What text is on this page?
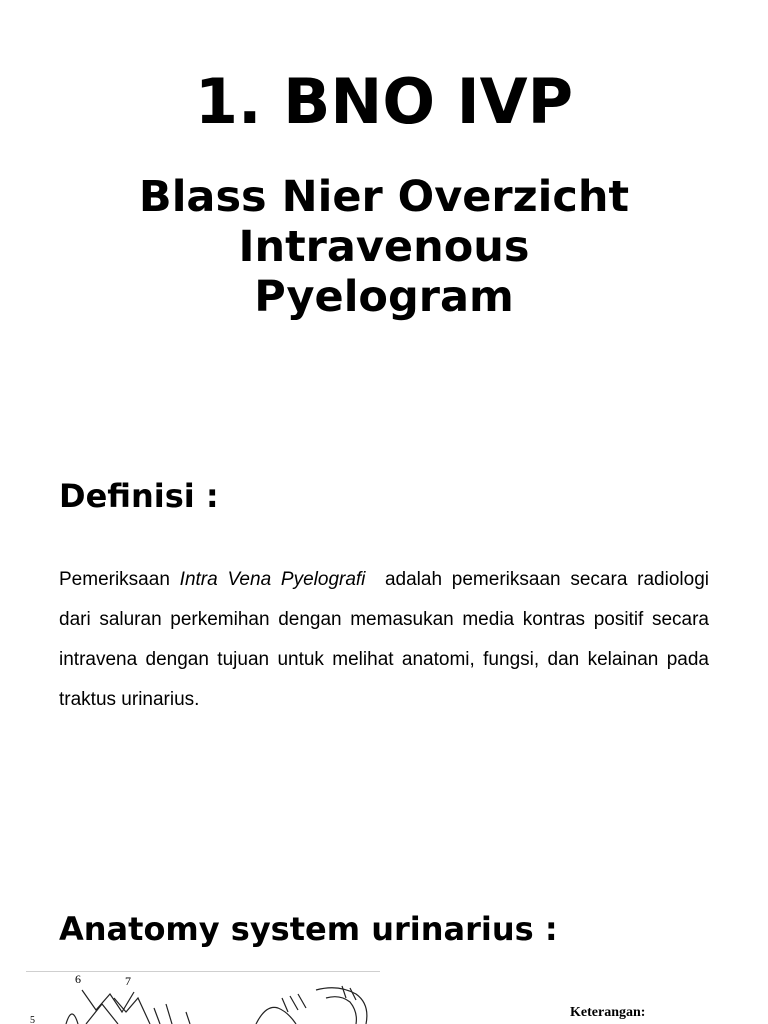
1. BNO IVP
Blass Nier Overzicht
Intravenous
Pyelogram
Definisi :

Pemeriksaan Intra Vena Pyelografi adalah pemeriksaan secara radiologi dari saluran perkemihan dengan memasukan media kontras positif secara intravena dengan tujuan untuk melihat anatomi, fungsi, dan kelainan pada traktus urinarius.

Anatomy system urinarius :
6	7
5
Keterangan:
